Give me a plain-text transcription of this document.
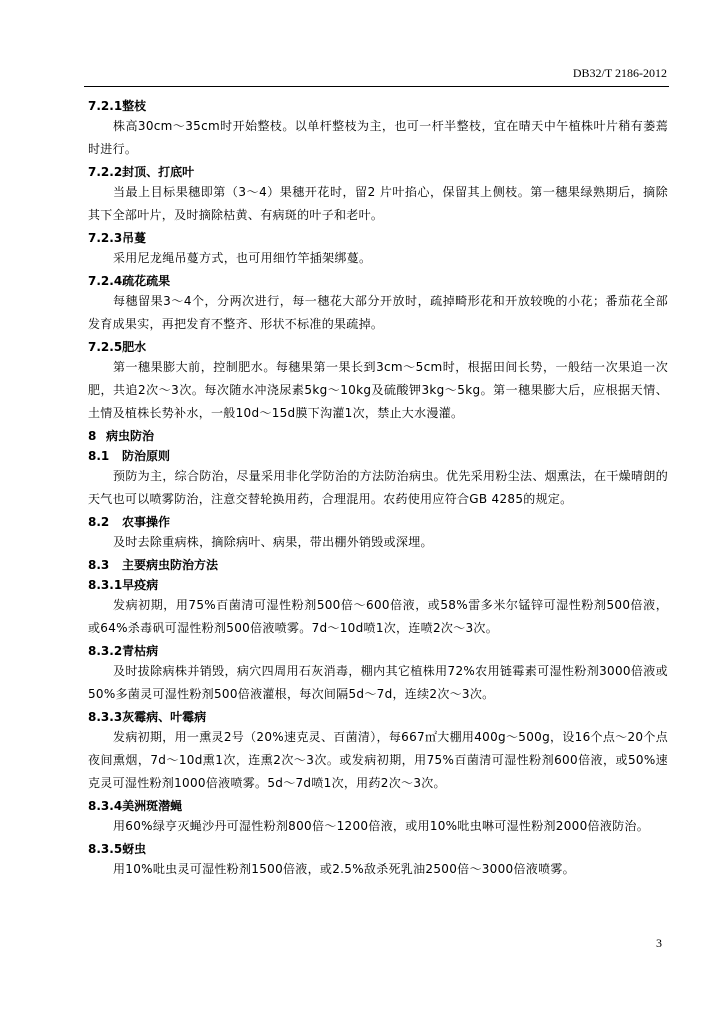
DB32/T 2186-2012
7.2.1整枝
株高30cm～35cm时开始整枝。以单杆整枝为主，也可一杆半整枝，宜在晴天中午植株叶片稍有萎蔫时进行。
7.2.2封顶、打底叶
当最上目标果穗即第（3～4）果穗开花时，留2 片叶掐心，保留其上侧枝。第一穗果绿熟期后，摘除其下全部叶片，及时摘除枯黄、有病斑的叶子和老叶。
7.2.3吊蔓
采用尼龙绳吊蔓方式，也可用细竹竿插架绑蔓。
7.2.4疏花疏果
每穗留果3～4个，分两次进行，每一穗花大部分开放时，疏掉畸形花和开放较晚的小花；番茄花全部发育成果实，再把发育不整齐、形状不标准的果疏掉。
7.2.5肥水
第一穗果膨大前，控制肥水。每穗果第一果长到3cm～5cm时，根据田间长势，一般结一次果追一次肥，共追2次～3次。每次随水冲浇尿素5kg～10kg及硫酸钾3kg～5kg。第一穗果膨大后，应根据天情、土情及植株长势补水，一般10d～15d膜下沟灌1次，禁止大水漫灌。
8 病虫防治
8.1 防治原则
预防为主，综合防治，尽量采用非化学防治的方法防治病虫。优先采用粉尘法、烟熏法，在干燥晴朗的天气也可以喷雾防治，注意交替轮换用药，合理混用。农药使用应符合GB 4285的规定。
8.2 农事操作
及时去除重病株，摘除病叶、病果，带出棚外销毁或深埋。
8.3 主要病虫防治方法
8.3.1早疫病
发病初期，用75%百菌清可湿性粉剂500倍～600倍液，或58%雷多米尔锰锌可湿性粉剂500倍液，或64%杀毒矾可湿性粉剂500倍液喷雾。7d～10d喷1次，连喷2次～3次。
8.3.2青枯病
及时拔除病株并销毁，病穴四周用石灰消毒，棚内其它植株用72%农用链霉素可湿性粉剂3000倍液或50%多菌灵可湿性粉剂500倍液灌根，每次间隔5d～7d，连续2次～3次。
8.3.3灰霉病、叶霉病
发病初期，用一熏灵2号（20%速克灵、百菌清），每667㎡大棚用400g～500g，设16个点～20个点夜间熏烟，7d～10d熏1次，连熏2次～3次。或发病初期，用75%百菌清可湿性粉剂600倍液，或50%速克灵可湿性粉剂1000倍液喷雾。5d～7d喷1次，用药2次～3次。
8.3.4美洲斑潜蝇
用60%绿亨灭蝇沙丹可湿性粉剂800倍～1200倍液，或用10%吡虫啉可湿性粉剂2000倍液防治。
8.3.5蚜虫
用10%吡虫灵可湿性粉剂1500倍液，或2.5%敌杀死乳油2500倍～3000倍液喷雾。
3
